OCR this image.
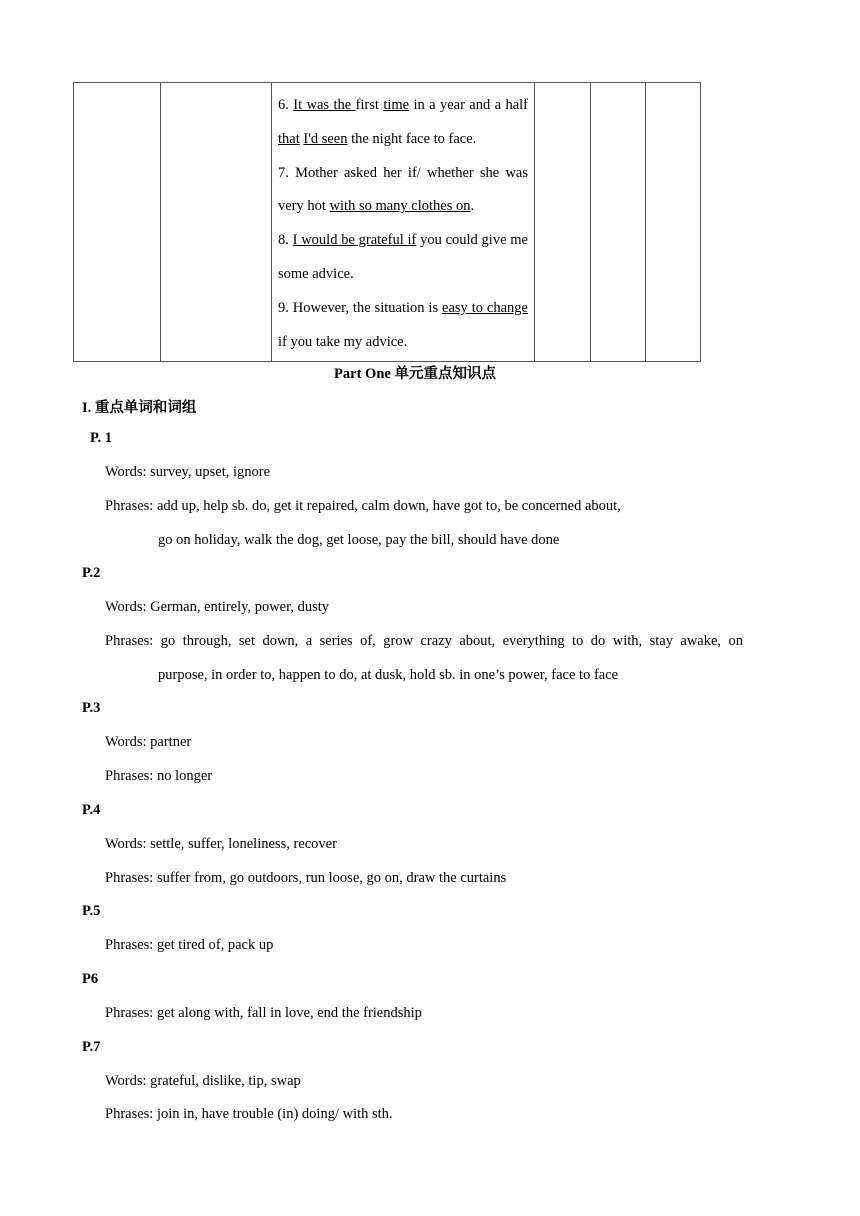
6. It was the first time in a year and a half that I'd seen the night face to face.

7. Mother asked her if/ whether she was very hot with so many clothes on.

8. I would be grateful if you could give me some advice.

9. However, the situation is easy to change if you take my advice.

Part One 单元重点知识点
I. 重点单词和词组
P. 1
Words: survey, upset, ignore
Phrases: add up, help sb. do, get it repaired, calm down, have got to, be concerned about,
go on holiday, walk the dog, get loose, pay the bill, should have done
P.2
Words: German, entirely, power, dusty
Phrases: go through, set down, a series of, grow crazy about, everything to do with, stay awake, on
purpose, in order to, happen to do, at dusk, hold sb. in one’s power, face to face
P.3
Words: partner
Phrases: no longer
P.4
Words: settle, suffer, loneliness, recover
Phrases: suffer from, go outdoors, run loose, go on, draw the curtains
P.5
Phrases: get tired of, pack up
P6
Phrases: get along with, fall in love, end the friendship
P.7
Words: grateful, dislike, tip, swap
Phrases: join in, have trouble (in) doing/ with sth.
